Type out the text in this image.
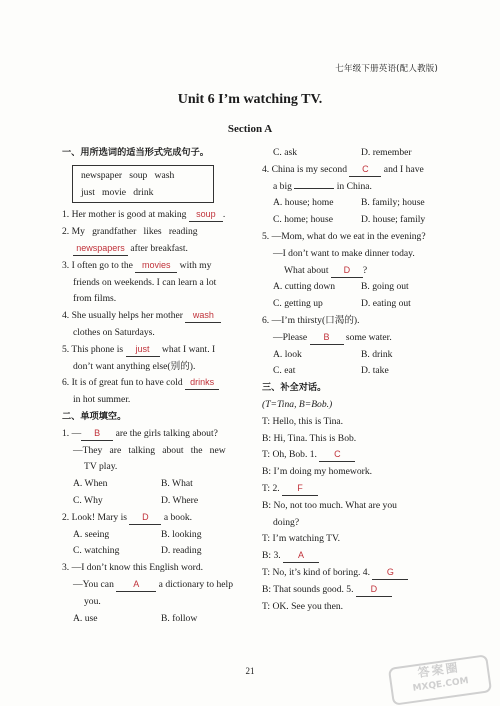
七年级下册英语(配人教版)
Unit 6 I’m watching TV.
Section A
一、用所选词的适当形式完成句子。
newspaper   soup   wash
just   movie   drink
1. Her mother is good at making soup .
2. My   grandfather   likes   reading
newspapers after breakfast.
3. I often go to the movies with my
friends on weekends. I can learn a lot
from films.
4. She usually helps her mother wash
clothes on Saturdays.
5. This phone is just what I want. I
don’t want anything else(别的).
6. It is of great fun to have cold drinks
in hot summer.
二、单项填空。
1. — B are the girls talking about?
—They   are   talking   about   the   new
TV play.
A. When	B. What
C. Why	D. Where
2. Look! Mary is D a book.
A. seeing	B. looking
C. watching	D. reading
3. —I don’t know this English word.
—You can A a dictionary to help
you.
A. use	B. follow
C. ask	D. remember
4. China is my second C and I have
a big	in China.
A. house; home	B. family; house
C. home; house	D. house; family
5. —Mom, what do we eat in the evening?
—I don’t want to make dinner today.
What about D ?
A. cutting down	B. going out
C. getting up	D. eating out
6. —I’m thirsty(口渴的).
—Please B some water.
A. look	B. drink
C. eat	D. take
三、补全对话。
(T=Tina, B=Bob.)
T: Hello, this is Tina.
B: Hi, Tina. This is Bob.
T: Oh, Bob. 1. C
B: I’m doing my homework.
T: 2. F
B: No, not too much. What are you
doing?
T: I’m watching TV.
B: 3. A
T: No, it’s kind of boring. 4. G
B: That sounds good. 5. D
T: OK. See you then.
21	答案圈
MXQE.COM
